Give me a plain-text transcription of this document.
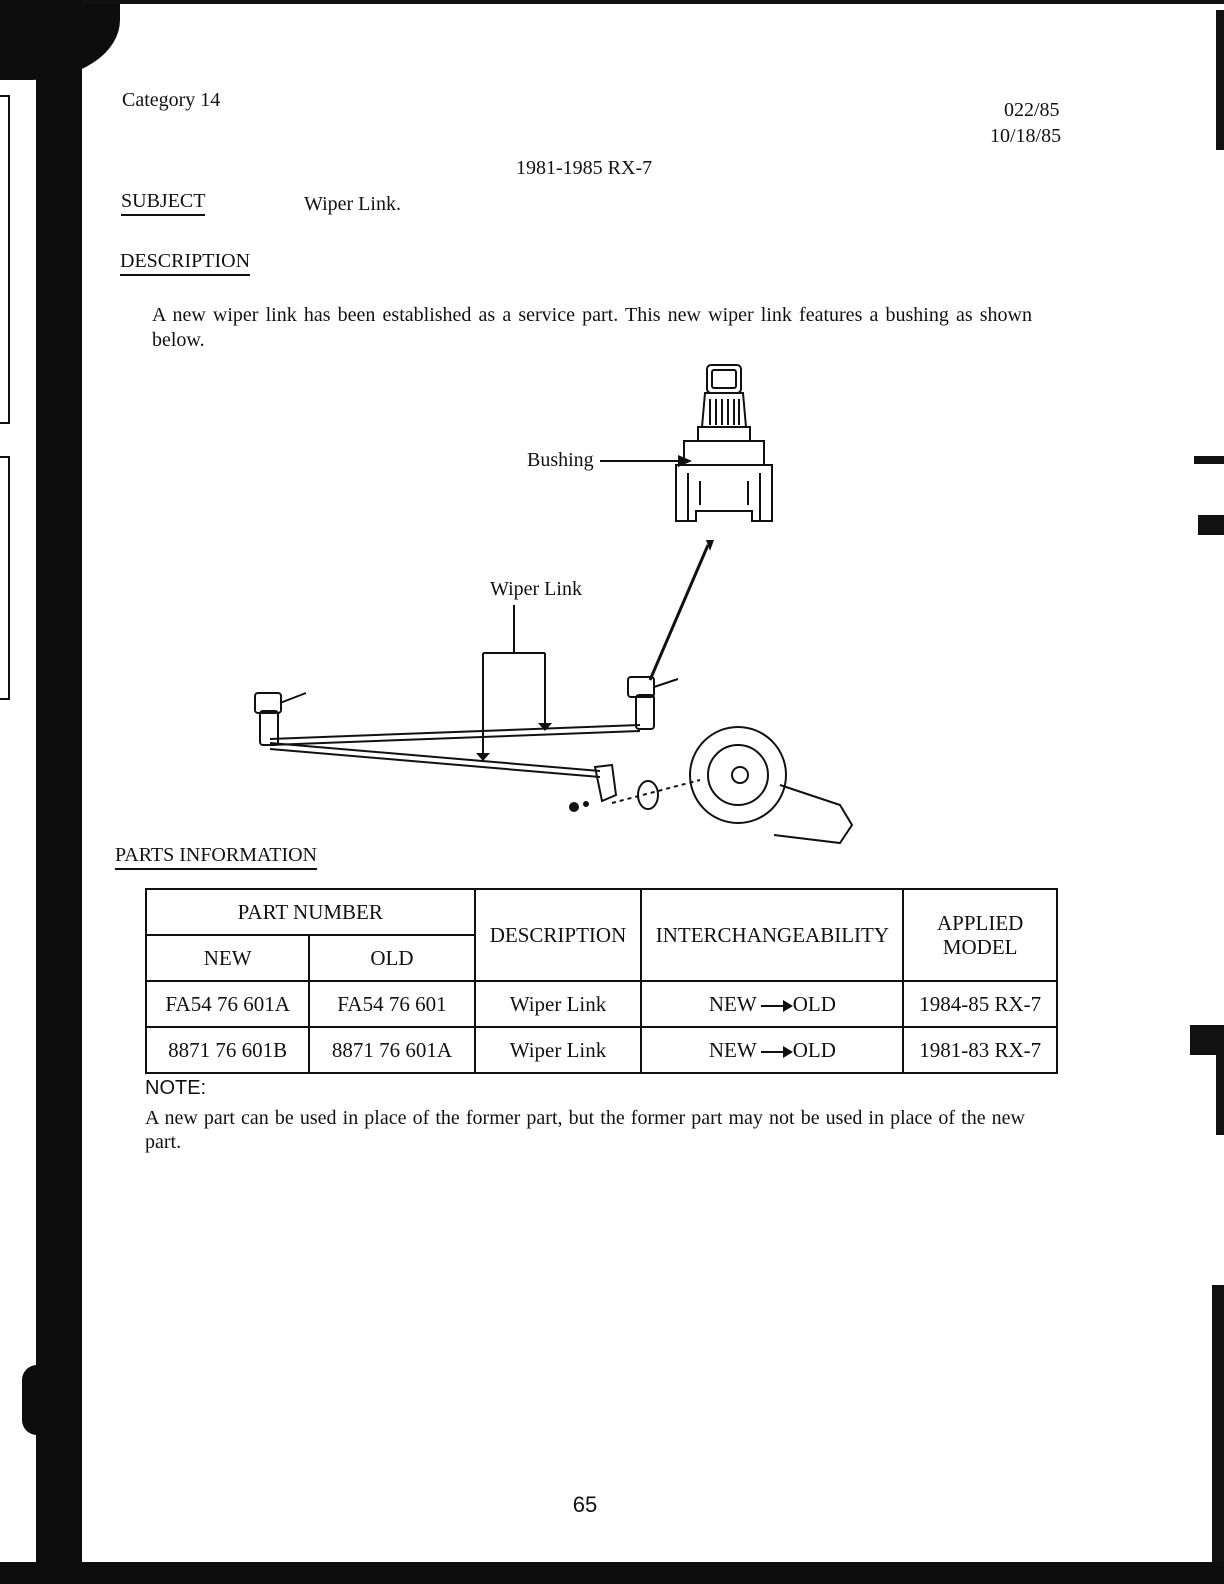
Category 14	022/85
10/18/85
1981-1985 RX-7
SUBJECT	Wiper Link.
DESCRIPTION
A new wiper link has been established as a service part. This new wiper link features a bushing as shown below.
Bushing
Wiper Link
PARTS INFORMATION
PART NUMBER		DESCRIPTION	INTERCHANGEABILITY	APPLIED MODEL
NEW	OLD			
FA54 76 601A	FA54 76 601	Wiper Link	NEW OLD	1984-85 RX-7
8871 76 601B	8871 76 601A	Wiper Link	NEW OLD	1981-83 RX-7
NOTE:
A new part can be used in place of the former part, but the former part may not be used in place of the new part.
65
